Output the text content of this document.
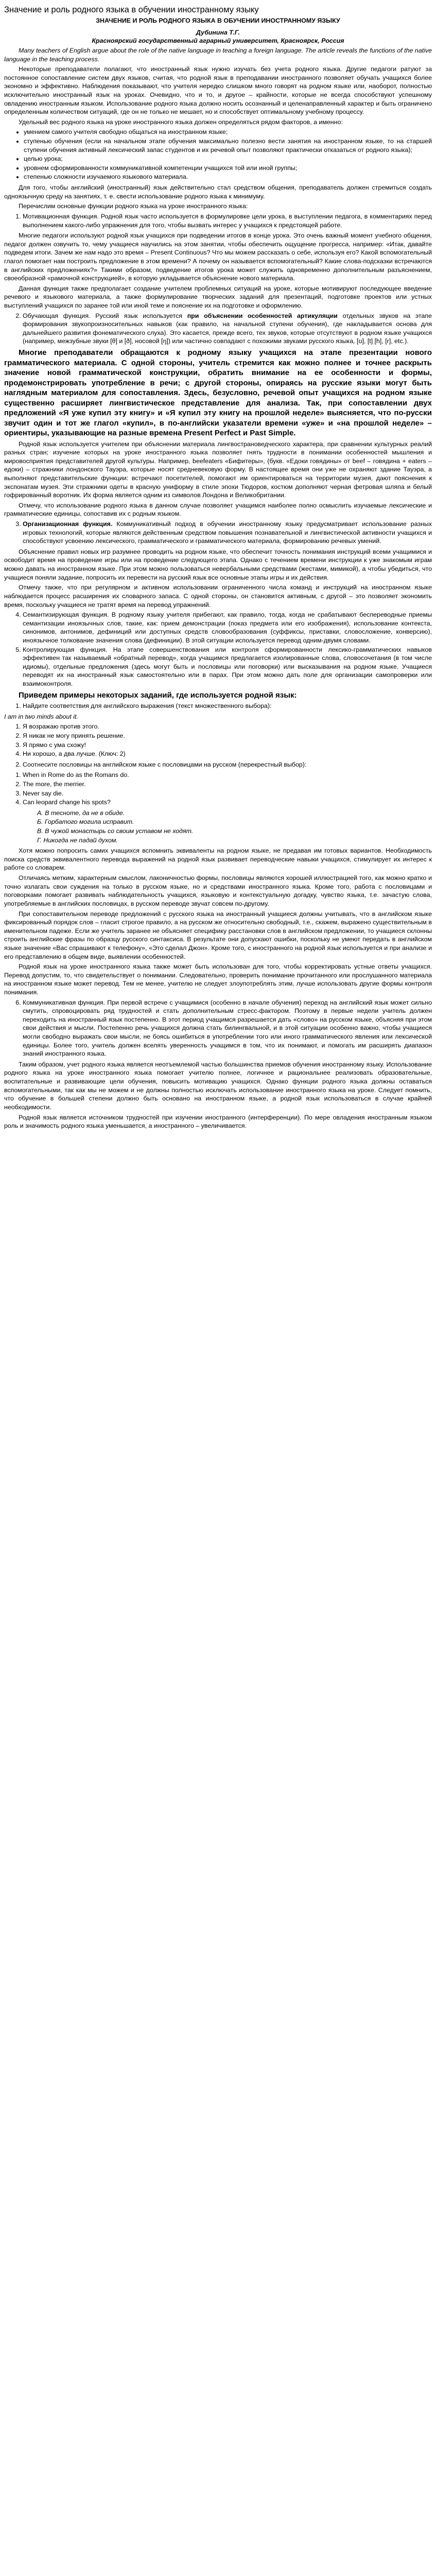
Значение и роль родного языка в обучении иностранному языку

ЗНАЧЕНИЕ И РОЛЬ РОДНОГО ЯЗЫКА В ОБУЧЕНИИ ИНОСТРАННОМУ ЯЗЫКУ

Дубинина Т.Г.

Красноярский государственный аграрный университет, Красноярск, Россия

Many teachers of English argue about the role of the native language in teaching a foreign language. The article reveals the functions of the native language in the teaching process.

Некоторые преподаватели полагают, что иностранный язык нужно изучать без учета родного языка. Другие педагоги ратуют за постоянное сопоставление систем двух языков, считая, что родной язык в преподавании иностранного позволяет обучать учащихся более экономно и эффективно. Наблюдения показывают, что учителя нередко слишком много говорят на родном языке или, наоборот, полностью исключительно иностранный язык на уроках. Очевидно, что и то, и другое – крайности, которые не всегда способствуют успешному овладению иностранным языком. Использование родного языка должно носить осознанный и целенаправленный характер и быть ограничено определенным количеством ситуаций, где он не только не мешает, но и способствует оптимальному учебному процессу.

Удельный вес родного языка на уроке иностранного языка должен определяться рядом факторов, а именно:

• умением самого учителя свободно общаться на иностранном языке;
• ступенью обучения (если на начальном этапе обучения максимально полезно вести занятия на иностранном языке, то на старшей ступени обучения активный лексический запас студентов и их речевой опыт позволяют практически отказаться от родного языка);
• целью урока;
• уровнем сформированности коммуникативной компетенции учащихся той или иной группы;
• степенью сложности изучаемого языкового материала.

Для того, чтобы английский (иностранный) язык действительно стал средством общения, преподаватель должен стремиться создать одноязычную среду на занятиях, т. е. свести использование родного языка к минимуму.

Перечислим основные функции родного языка на уроке иностранного языка:

1. Мотивационная функция. Родной язык часто используется в формулировке цели урока, в выступлении педагога, в комментариях перед выполнением какого-либо упражнения для того, чтобы вызвать интерес у учащихся к предстоящей работе.

Многие педагоги используют родной язык учащихся при подведении итогов в конце урока. Это очень важный момент учебного общения, педагог должен озвучить то, чему учащиеся научились на этом занятии, чтобы обеспечить ощущение прогресса, например: «Итак, давайте подведем итоги. Зачем же нам надо это время – Present Continuous? Что мы можем рассказать о себе, используя его? Какой вспомогательный глагол помогает нам построить предложение в этом времени? А почему он называется вспомогательный? Какие слова-подсказки встречаются в английских предложениях?» Такими образом, подведение итогов урока может служить одновременно дополнительным разъяснением, своеобразной «рамочной конструкцией», в которую укладывается объяснение нового материала.

Данная функция также предполагает создание учителем проблемных ситуаций на уроке, которые мотивируют последующее введение речевого и языкового материала, а также формулирование творческих заданий для презентаций, подготовке проектов или устных выступлений учащихся по заранее той или иной теме и пояснение их на подготовке и оформлению.

2. Обучающая функция. Русский язык используется при объяснении особенностей артикуляции отдельных звуков на этапе формирования звукопроизносительных навыков (как правило, на начальной ступени обучения), где накладывается основа для дальнейшего развития фонематического слуха). Это касается, прежде всего, тех звуков, которые отсутствуют в родном языке учащихся (например, межзубные звуки [θ] и [ð], носовой [ŋ]) или частично совпадают с похожими звуками русского языка, [ʊ], [t] [h], [r], etc.).

Многие преподаватели обращаются к родному языку учащихся на этапе презентации нового грамматического материала. С одной стороны, учитель стремится как можно полнее и точнее раскрыть значение новой грамматической конструкции, обратить внимание на ее особенности и формы, продемонстрировать употребление в речи; с другой стороны, опираясь на русские языки могут быть наглядным материалом для сопоставления. Здесь, безусловно, речевой опыт учащихся на родном языке существенно расширяет лингвистическое представление для анализа. Так, при сопоставлении двух предложений «Я уже купил эту книгу» и «Я купил эту книгу на прошлой неделе» выясняется, что по-русски звучит один и тот же глагол «купил», в по-английски указатели времени «уже» и «на прошлой неделе» – ориентиры, указывающие на разные времена Present Perfect и Past Simple.

Родной язык используется учителем при объяснении материала лингвострановедческого характера, при сравнении культурных реалий разных стран; изучение которых на уроке иностранного языка позволяет гнять трудности в понимании особенностей мышления и мировосприятия представителей другой культуры. Например, beefeaters «Бифитеры», (букв. «Едоки говядины» от beef – говядина + eaters – едоки) – стражники лондонского Тауэра, которые носят средневековую форму. В настоящее время они уже не охраняют здание Тауэра, а выполняют представительские функции: встречают посетителей, помогают им ориентироваться на территории музея, дают пояснения к экспонатам музея. Эти стражники одеты в красную униформу в стиле эпохи Тюдоров, костюм дополняют черная фетровая шляпа и белый гофрированный воротник. Их форма является одним из символов Лондона и Великобритании.

Отмечу, что использование родного языка в данном случае позволяет учащимся наиболее полно осмыслить изучаемые лексические и грамматические единицы, сопоставив их с родным языком.

3. Организационная функция. Коммуникативный подход в обучении иностранному языку предусматривает использование разных игровых технологий, которые являются действенным средством повышения познавательной и лингвистической активности учащихся и способствуют усвоению лексического, грамматического и грамматического материала, формированию речевых умений.

Объяснение правил новых игр разумнее проводить на родном языке, что обеспечит точность понимания инструкций всеми учащимися и освободит время на проведение игры или на проведение следующего этапа. Однако с течением времени инструкции к уже знакомым играм можно давать на иностранном языке. При этом можно пользоваться невербальными средствами (жестами, мимикой), а чтобы убедиться, что учащиеся поняли задание, попросить их перевести на русский язык все основные этапы игры и их действия.

Отмечу также, что при регулярном и активном использовании ограниченного числа команд и инструкций на иностранном языке наблюдается процесс расширения их словарного запаса. С одной стороны, он становится активным, с другой – это позволяет экономить время, поскольку учащиеся не тратят время на перевод упражнений.

4. Семантизирующая функция. В родному языку учителя прибегают, как правило, тогда, когда не срабатывают беспереводные приемы семантизации иноязычных слов, такие, как: прием демонстрации (показ предмета или его изображения), использование контекста, синонимов, антонимов, дефиниций или доступных средств словообразования (суффиксы, приставки, словосложение, конверсию), иноязычное толкование значения слова (дефиниции). В этой ситуации используется перевод одним-двумя словами.
5. Контролирующая функция. На этапе совершенствования или контроля сформированности лексико-грамматических навыков эффективен так называемый «обратный перевод», когда учащимся предлагается изолированные слова, словосочетания (в том числе идиомы), отдельные предложения (здесь могут быть и пословицы или поговорки) или высказывания на родном языке. Учащиеся переводят их на иностранный язык самостоятельно или в парах. При этом можно дать поле для организации самопроверки или взаимоконтроля.

Приведем примеры некоторых заданий, где используется родной язык:

1. Найдите соответствия для английского выражения (текст множественного выбора):

I am in two minds about it.

1. Я возражаю против этого.
2. Я никак не могу принять решение.
3. Я прямо с ума схожу!
4. Ни хорошо, а два лучше. (Ключ: 2)
2. Соотнесите пословицы на английском языке с пословицами на русском (перекрестный выбор):
1. When in Rome do as the Romans do.
2. The more, the merrier.
3. Never say die.
4. Can leopard change his spots?

A. В тесноте, да не в обиде.

Б. Горбатого могила исправит.

В. В чужой монастырь со своим уставом не ходят.

Г. Никогда не падай духом.

Хотя можно попросить самих учащихся вспомнить эквиваленты на родном языке, не предавая им готовых вариантов. Необходимость поиска средств эквивалентного перевода выражений на родной язык развивает переводческие навыки учащихся, стимулирует их интерес к работе со словарем.

Отличаясь метким, характерным смыслом, лаконичностью формы, пословицы являются хорошей иллюстрацией того, как можно кратко и точно излагать свои суждения на только в русском языке, но и средствами иностранного языка. Кроме того, работа с пословицами и поговорками помогает развивать наблюдательность учащихся, языковую и контекстуальную догадку, чувство языка, т.е. зачастую слова, употребляемые в английских пословицах, в русском переводе звучат совсем по-другому.

При сопоставительном переводе предложений с русского языка на иностранный учащиеся должны учитывать, что в английском языке фиксированный порядок слов – гласит строгое правило, а на русском же относительно свободный, т.е., скажем, выражено существительным в именительном падеже. Если же учитель заранее не объясняет специфику расстановки слов в английском предложении, то учащиеся склонны строить английские фразы по образцу русского синтаксиса. В результате они допускают ошибки, поскольку не умеют передать в английском языке значение «Вас спрашивают к телефону», «Это сделал Джон». Кроме того, с иностранного на родной язык используется и при анализе и его представлению в общем виде, выявлении особенностей.

Родной язык на уроке иностранного языка также может быть использован для того, чтобы корректировать устные ответы учащихся. Перевод допустим, то, что свидетельствует о понимании. Следовательно, проверить понимание прочитанного или прослушанного материала на иностранном языке может перевод. Тем не менее, учителю не следует злоупотреблять этим, лучше использовать другие формы контроля понимания.

6. Коммуникативная функция. При первой встрече с учащимися (особенно в начале обучения) переход на английский язык может сильно смутить, спровоцировать ряд трудностей и стать дополнительным стресс-фактором. Поэтому в первые недели учитель должен переходить на иностранный язык постепенно. В этот период учащимся разрешается дать «слово» на русском языке, объясняя при этом свои действия и мысли. Постепенно речь учащихся должна стать билингвальной, и в этой ситуации особенно важно, чтобы учащиеся могли свободно выражать свои мысли, не боясь ошибиться в употреблении того или иного грамматического явления или лексической единицы. Более того, учитель должен вселять уверенность учащимся в том, что их понимают, и помогать им расширять диапазон знаний иностранного языка.

Таким образом, учет родного языка является неотъемлемой частью большинства приемов обучения иностранному языку. Использование родного языка на уроке иностранного языка помогает учителю полнее, логичнее и рациональнее реализовать образовательные, воспитательные и развивающие цели обучения, повысить мотивацию учащихся. Однако функции родного языка должны оставаться вспомогательными, так как мы не можем и не должны полностью исключать использование иностранного языка на уроке. Следует помнить, что обучение в большей степени должно быть основано на иностранном языке, а родной язык использоваться в случае крайней необходимости.

Родной язык является источником трудностей при изучении иностранного (интерференции). По мере овладения иностранным языком роль и значимость родного языка уменьшается, а иностранного – увеличивается.
